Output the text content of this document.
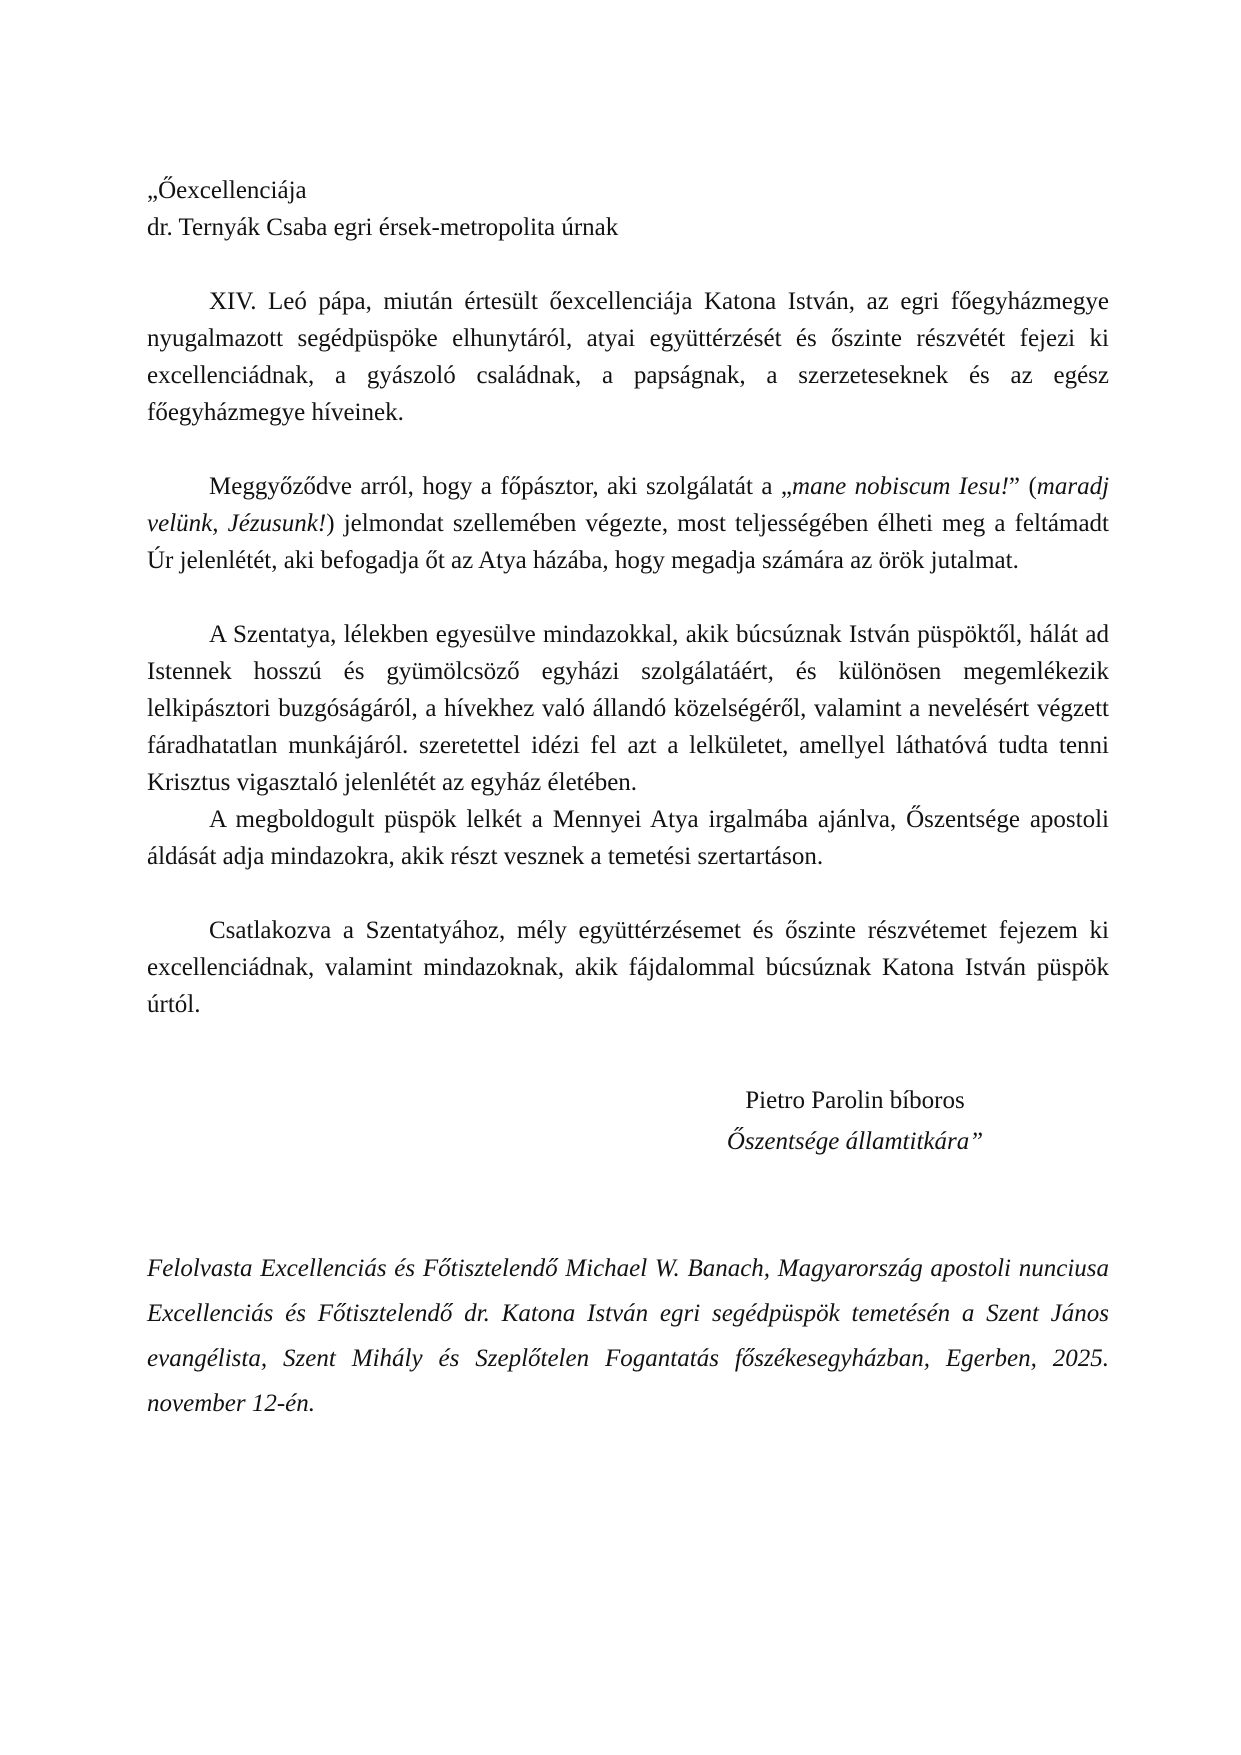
„Őexcellenciája

dr. Ternyák Csaba egri érsek-metropolita úrnak

XIV. Leó pápa, miután értesült őexcellenciája Katona István, az egri főegyházmegye nyugalmazott segédpüspöke elhunytáról, atyai együttérzését és őszinte részvétét fejezi ki excellenciádnak, a gyászoló családnak, a papságnak, a szerzeteseknek és az egész főegyházmegye híveinek.

Meggyőződve arról, hogy a főpásztor, aki szolgálatát a „mane nobiscum Iesu!” (maradj velünk, Jézusunk!) jelmondat szellemében végezte, most teljességében élheti meg a feltámadt Úr jelenlétét, aki befogadja őt az Atya házába, hogy megadja számára az örök jutalmat.

A Szentatya, lélekben egyesülve mindazokkal, akik búcsúznak István püspöktől, hálát ad Istennek hosszú és gyümölcsöző egyházi szolgálatáért, és különösen megemlékezik lelkipásztori buzgóságáról, a hívekhez való állandó közelségéről, valamint a nevelésért végzett fáradhatatlan munkájáról. szeretettel idézi fel azt a lelkületet, amellyel láthatóvá tudta tenni Krisztus vigasztaló jelenlétét az egyház életében.

A megboldogult püspök lelkét a Mennyei Atya irgalmába ajánlva, Őszentsége apostoli áldását adja mindazokra, akik részt vesznek a temetési szertartáson.

Csatlakozva a Szentatyához, mély együttérzésemet és őszinte részvétemet fejezem ki excellenciádnak, valamint mindazoknak, akik fájdalommal búcsúznak Katona István püspök úrtól.

Pietro Parolin bíboros
Őszentsége államtitkára”

Felolvasta Excellenciás és Főtisztelendő Michael W. Banach, Magyarország apostoli nunciusa Excellenciás és Főtisztelendő dr. Katona István egri segédpüspök temetésén a Szent János evangélista, Szent Mihály és Szeplőtelen Fogantatás főszékesegyházban, Egerben, 2025. november 12-én.
